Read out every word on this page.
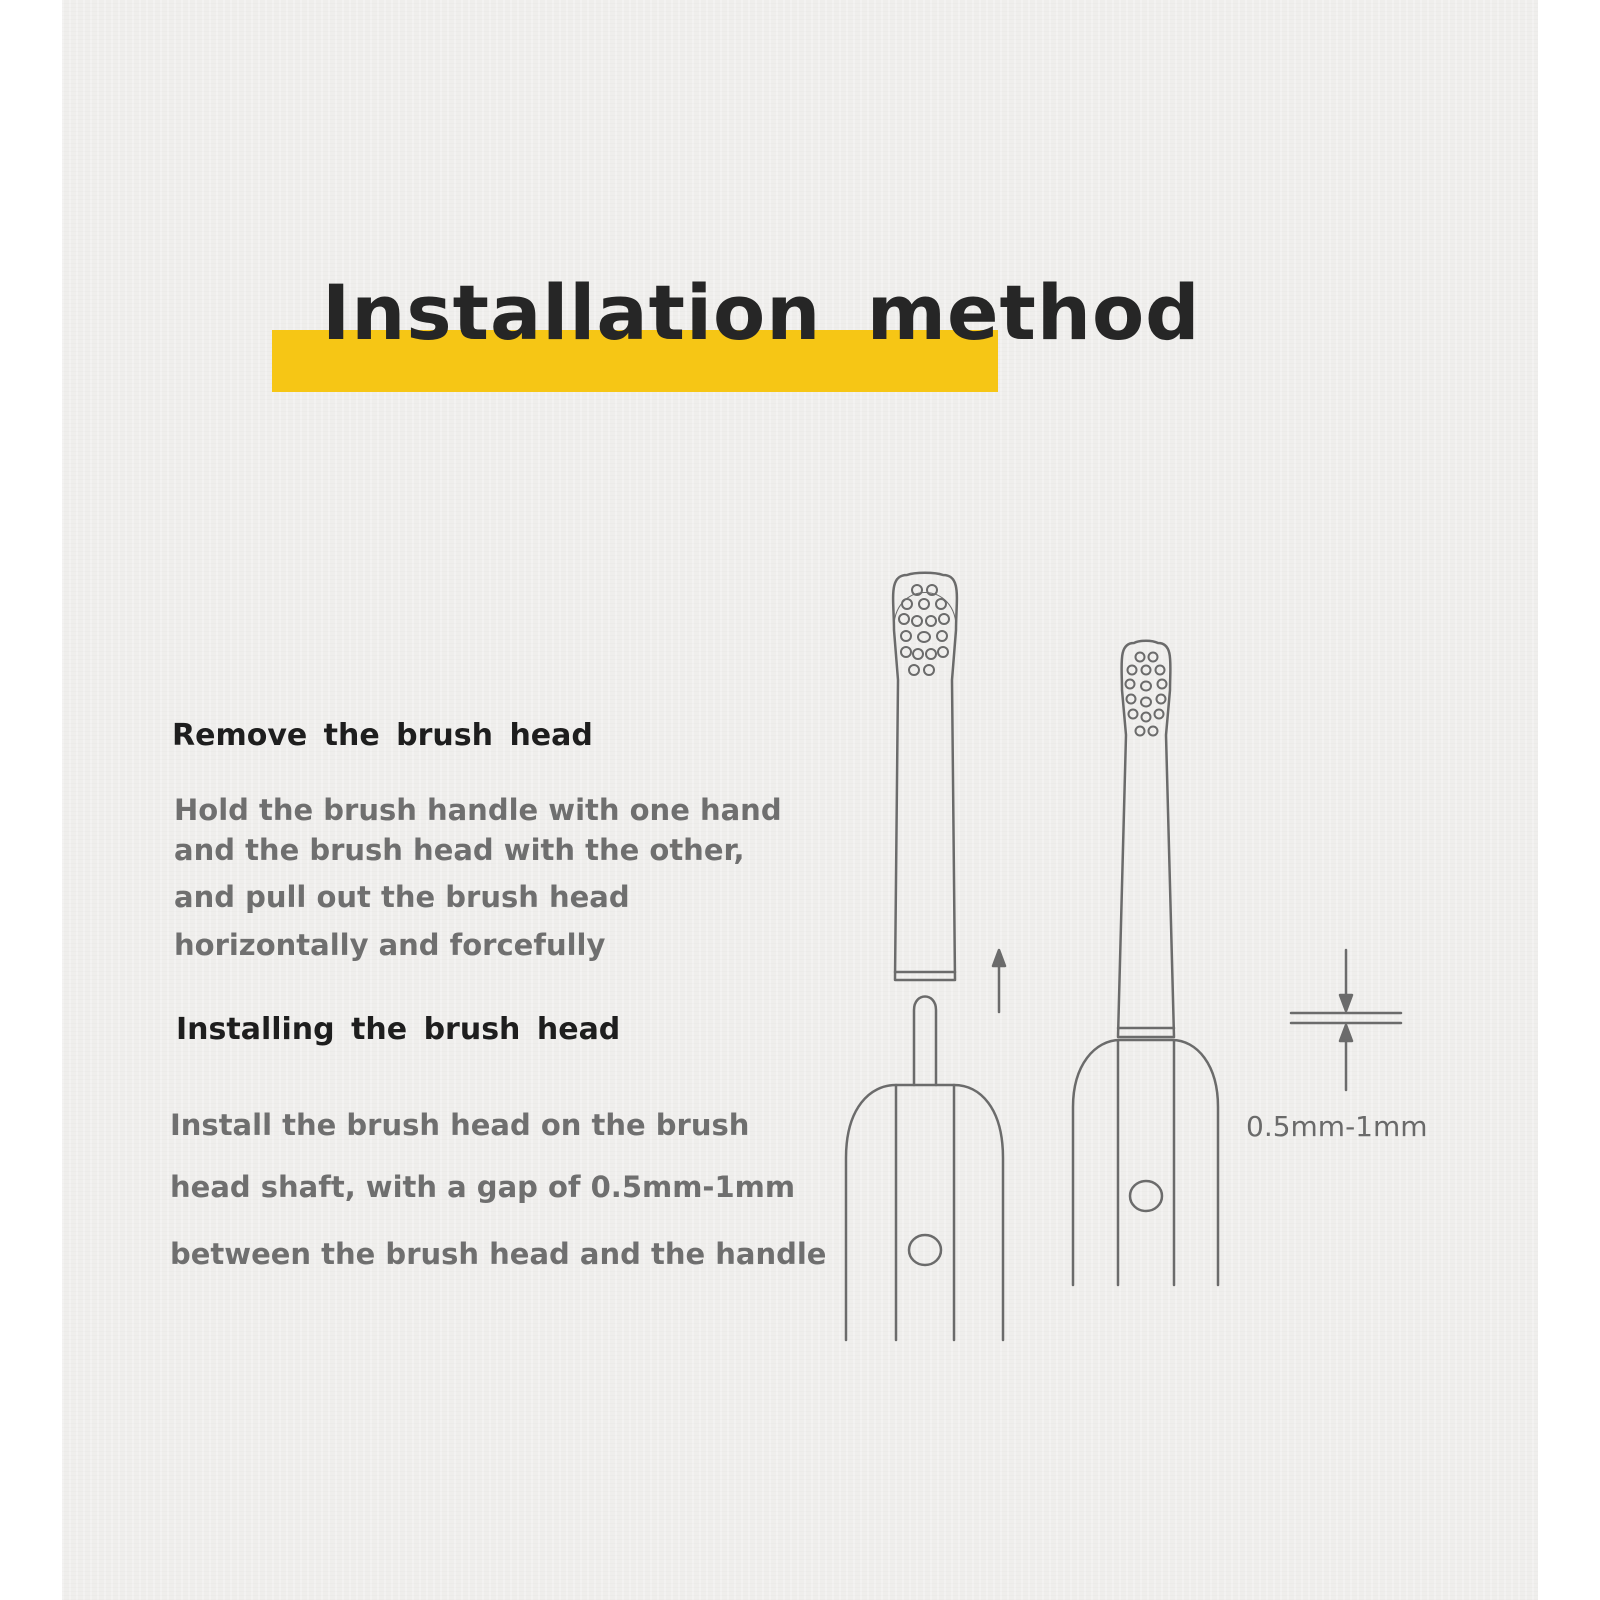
Installation method
Remove the brush head
Hold the brush handle with one hand
and the brush head with the other,
and pull out the brush head
horizontally and forcefully
Installing the brush head
Install the brush head on the brush
head shaft, with a gap of 0.5mm-1mm
between the brush head and the handle
0.5mm-1mm
